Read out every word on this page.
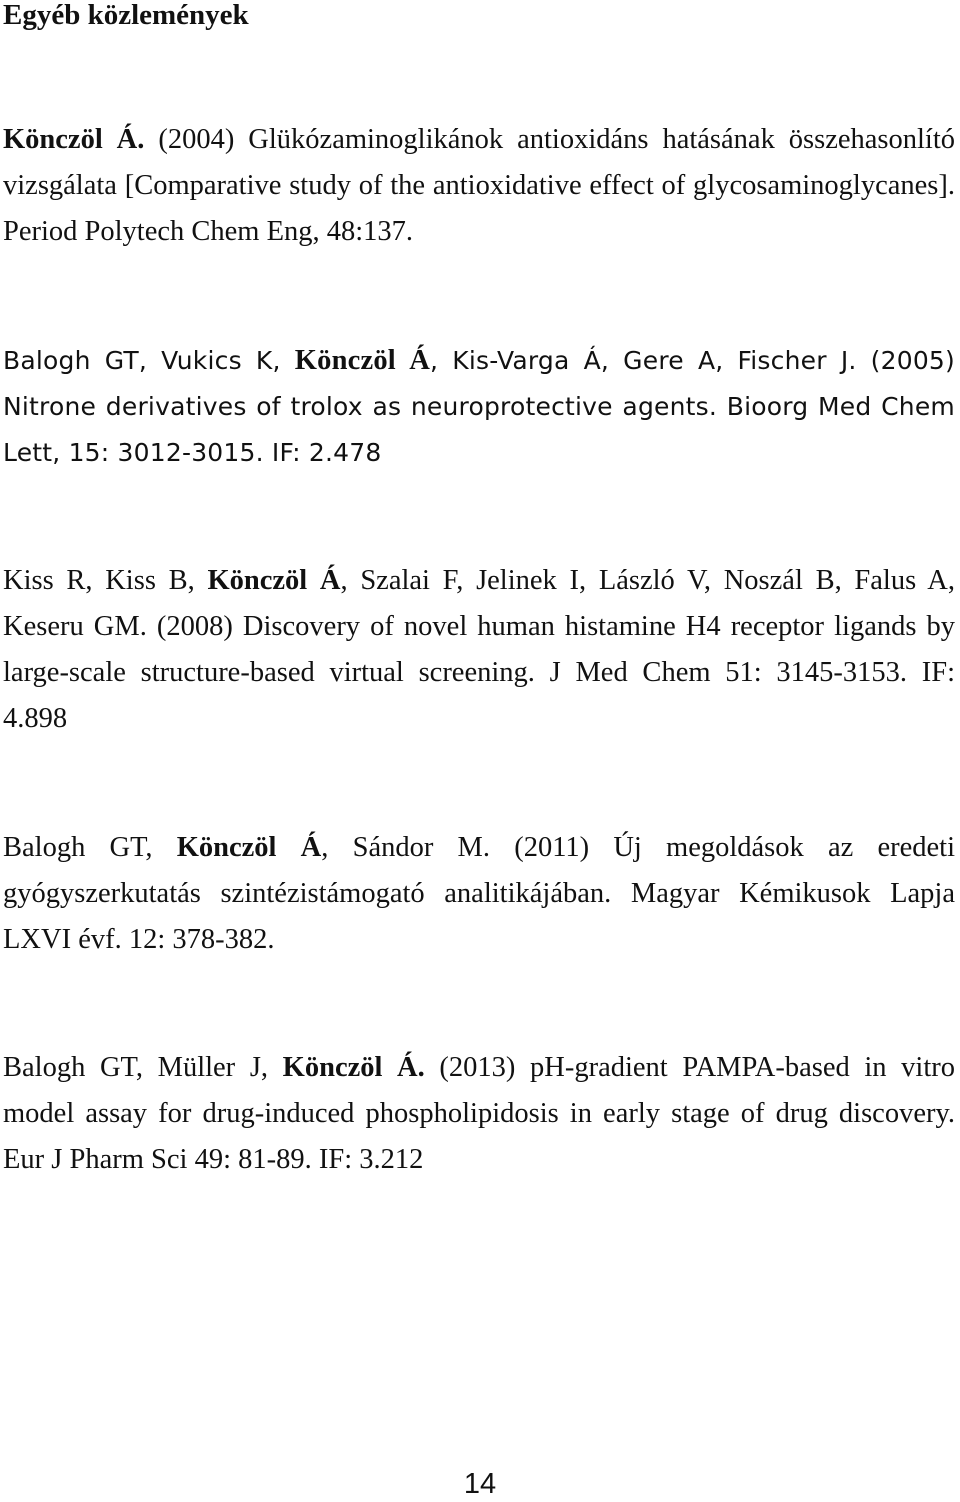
Egyéb közlemények

Könczöl Á. (2004) Glükózaminoglikánok antioxidáns hatásának összehasonlító vizsgálata [Comparative study of the antioxidative effect of glycosaminoglycanes]. Period Polytech Chem Eng, 48:137.

Balogh GT, Vukics K, Könczöl Á, Kis-Varga Á, Gere A, Fischer J. (2005) Nitrone derivatives of trolox as neuroprotective agents. Bioorg Med Chem Lett, 15: 3012-3015. IF: 2.478

Kiss R, Kiss B, Könczöl Á, Szalai F, Jelinek I, László V, Noszál B, Falus A, Keseru GM. (2008) Discovery of novel human histamine H4 receptor ligands by large-scale structure-based virtual screening. J Med Chem 51: 3145-3153. IF: 4.898

Balogh GT, Könczöl Á, Sándor M. (2011) Új megoldások az eredeti gyógyszerkutatás szintézistámogató analitikájában. Magyar Kémikusok Lapja LXVI évf. 12: 378-382.

Balogh GT, Müller J, Könczöl Á. (2013) pH-gradient PAMPA-based in vitro model assay for drug-induced phospholipidosis in early stage of drug discovery. Eur J Pharm Sci 49: 81-89. IF: 3.212

14
